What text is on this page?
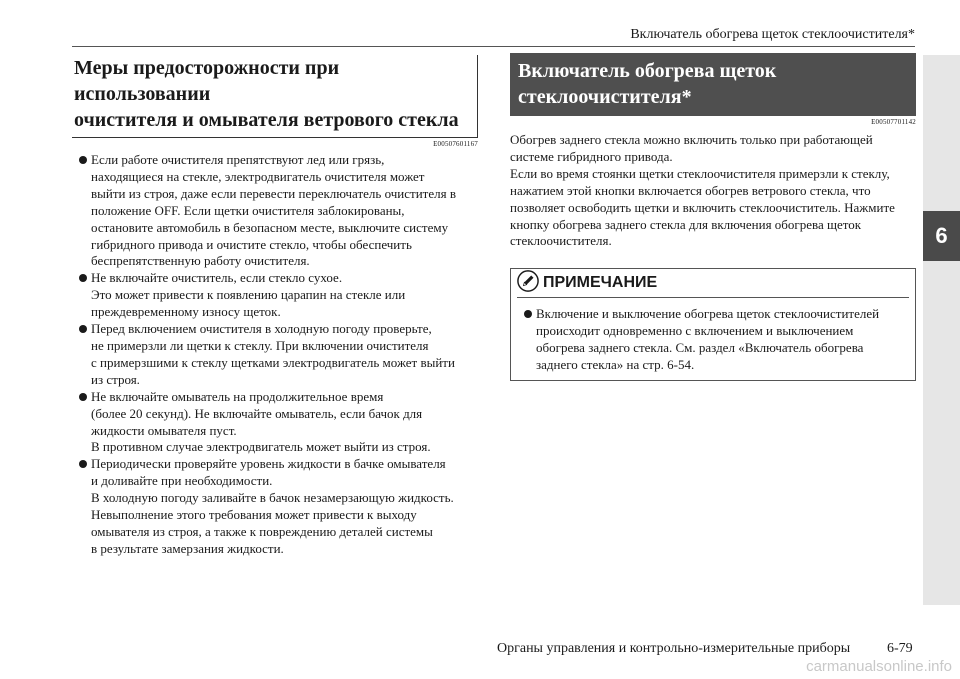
Включатель обогрева щеток стеклоочистителя*
6
Меры предосторожности при использовании
очистителя и омывателя ветрового стекла
E00507601167
Если работе очистителя препятствуют лед или грязь,
находящиеся на стекле, электродвигатель очистителя может
выйти из строя, даже если перевести переключатель очистителя в
положение OFF. Если щетки очистителя заблокированы,
остановите автомобиль в безопасном месте, выключите систему
гибридного привода и очистите стекло, чтобы обеспечить
беспрепятственную работу очистителя.
Не включайте очиститель, если стекло сухое.
Это может привести к появлению царапин на стекле или
преждевременному износу щеток.
Перед включением очистителя в холодную погоду проверьте,
не примерзли ли щетки к стеклу. При включении очистителя
с примерзшими к стеклу щетками электродвигатель может выйти
из строя.
Не включайте омыватель на продолжительное время
(более 20 секунд). Не включайте омыватель, если бачок для
жидкости омывателя пуст.
В противном случае электродвигатель может выйти из строя.
Периодически проверяйте уровень жидкости в бачке омывателя
и доливайте при необходимости.
В холодную погоду заливайте в бачок незамерзающую жидкость.
Невыполнение этого требования может привести к выходу
омывателя из строя, а также к повреждению деталей системы
в результате замерзания жидкости.
Включатель обогрева щеток
стеклоочистителя*
E00507701142
Обогрев заднего стекла можно включить только при работающей
системе гибридного привода.
Если во время стоянки щетки стеклоочистителя примерзли к стеклу,
нажатием этой кнопки включается обогрев ветрового стекла, что
позволяет освободить щетки и включить стеклоочиститель. Нажмите
кнопку обогрева заднего стекла для включения обогрева щеток
стеклоочистителя.
ПРИМЕЧАНИЕ
Включение и выключение обогрева щеток стеклоочистителей
происходит одновременно с включением и выключением
обогрева заднего стекла. См. раздел «Включатель обогрева
заднего стекла» на стр. 6-54.
Органы управления и контрольно-измерительные приборы	6-79
carmanualsonline.info
